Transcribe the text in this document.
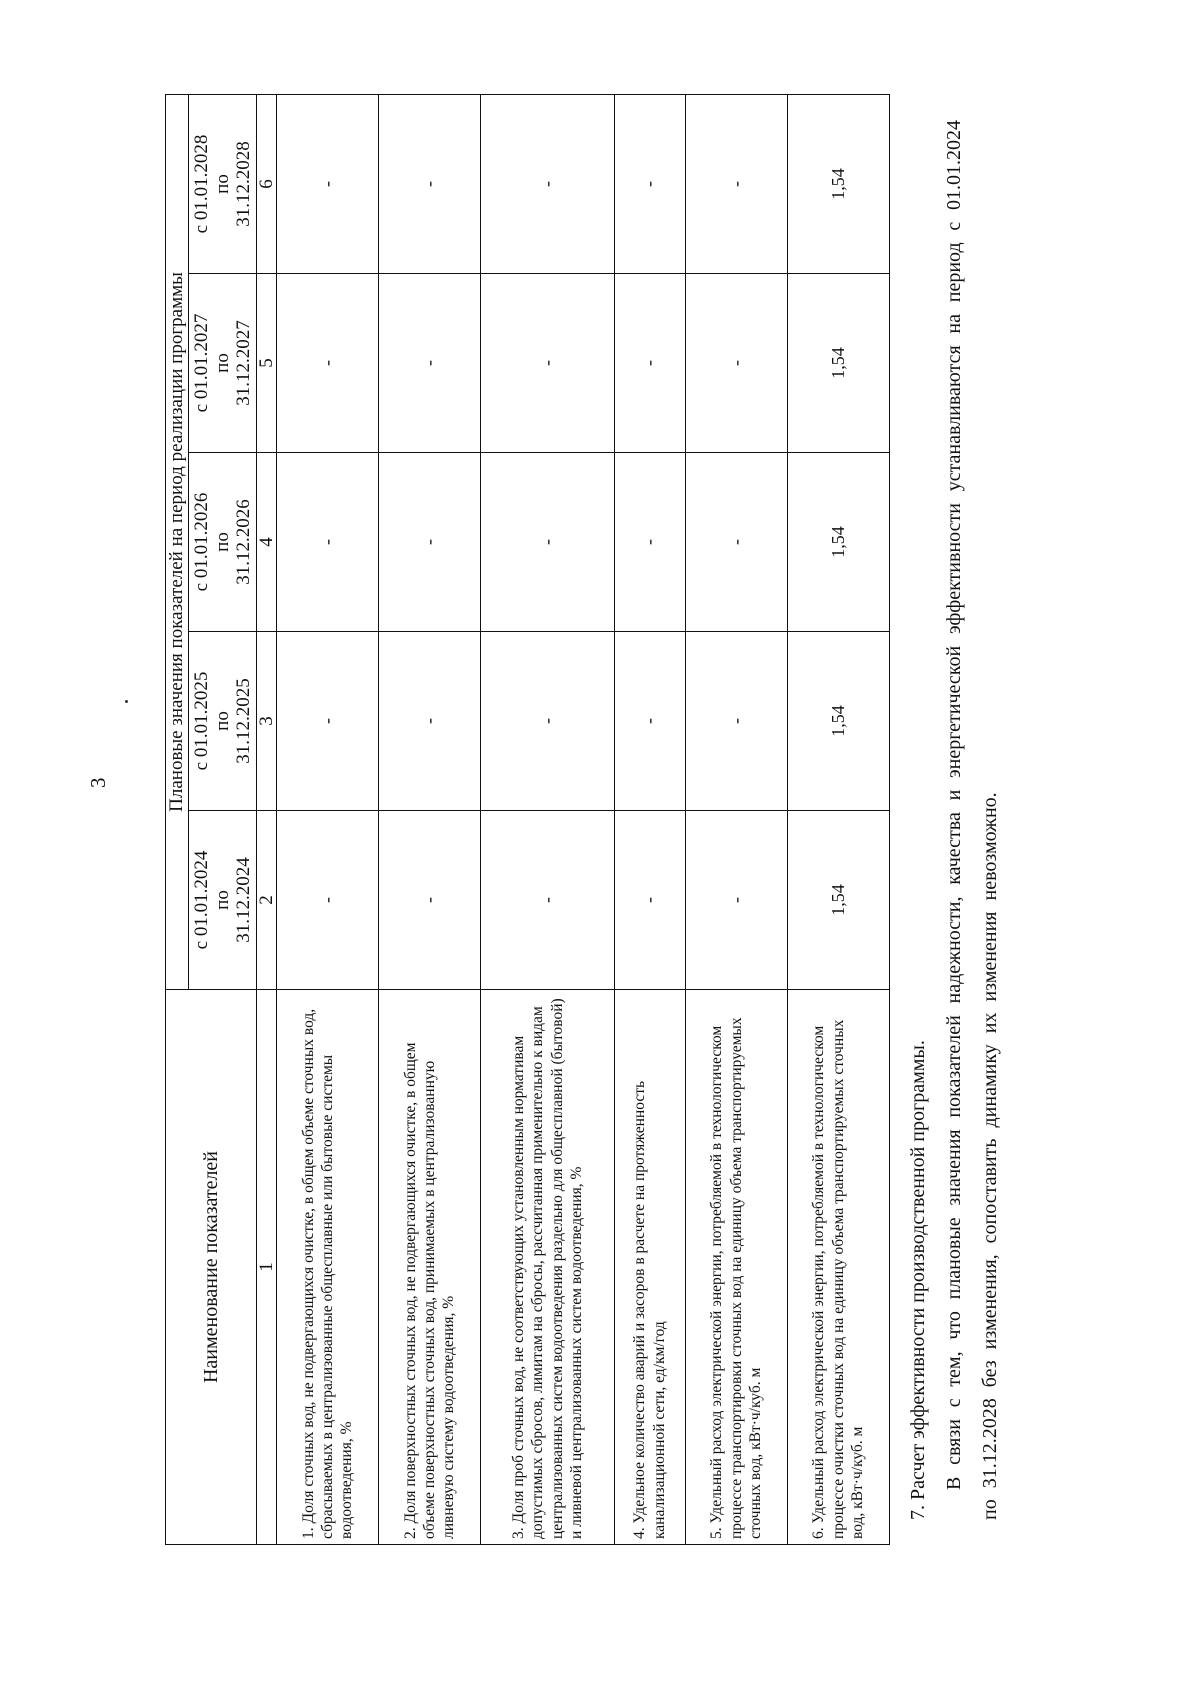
3
Наименование показателей	Плановые значения показателей на период реализации программы				
	с 01.01.2024
по
31.12.2024	с 01.01.2025
по
31.12.2025	с 01.01.2026
по
31.12.2026	с 01.01.2027
по
31.12.2027	с 01.01.2028
по
31.12.2028
1	2	3	4	5	6
1. Доля сточных вод, не подвергающихся очистке, в общем объеме сточных вод, сбрасываемых в централизованные общесплавные или бытовые системы водоотведения, %	-	-	-	-	-
2. Доля поверхностных сточных вод, не подвергающихся очистке, в общем объеме поверхностных сточных вод, принимаемых в централизованную ливневую систему водоотведения, %	-	-	-	-	-
3. Доля проб сточных вод, не соответствующих установленным нормативам допустимых сбросов, лимитам на сбросы, рассчитанная применительно к видам централизованных систем водоотведения раздельно для общесплавной (бытовой) и ливневой централизованных систем водоотведения, %	-	-	-	-	-
4. Удельное количество аварий и засоров в расчете на протяженность канализационной сети, ед/км/год	-	-	-	-	-
5. Удельный расход электрической энергии, потребляемой в технологическом процессе транспортировки сточных вод на единицу объема транспортируемых сточных вод, кВт·ч/куб. м	-	-	-	-	-
6. Удельный расход электрической энергии, потребляемой в технологическом процессе очистки сточных вод на единицу объема транспортируемых сточных вод, кВт·ч/куб. м	1,54	1,54	1,54	1,54	1,54

7. Расчет эффективности производственной программы. В связи с тем, что плановые значения показателей надежности, качества и энергетической эффективности устанавливаются на период с 01.01.2024 по 31.12.2028 без изменения, сопоставить динамику их изменения невозможно.
